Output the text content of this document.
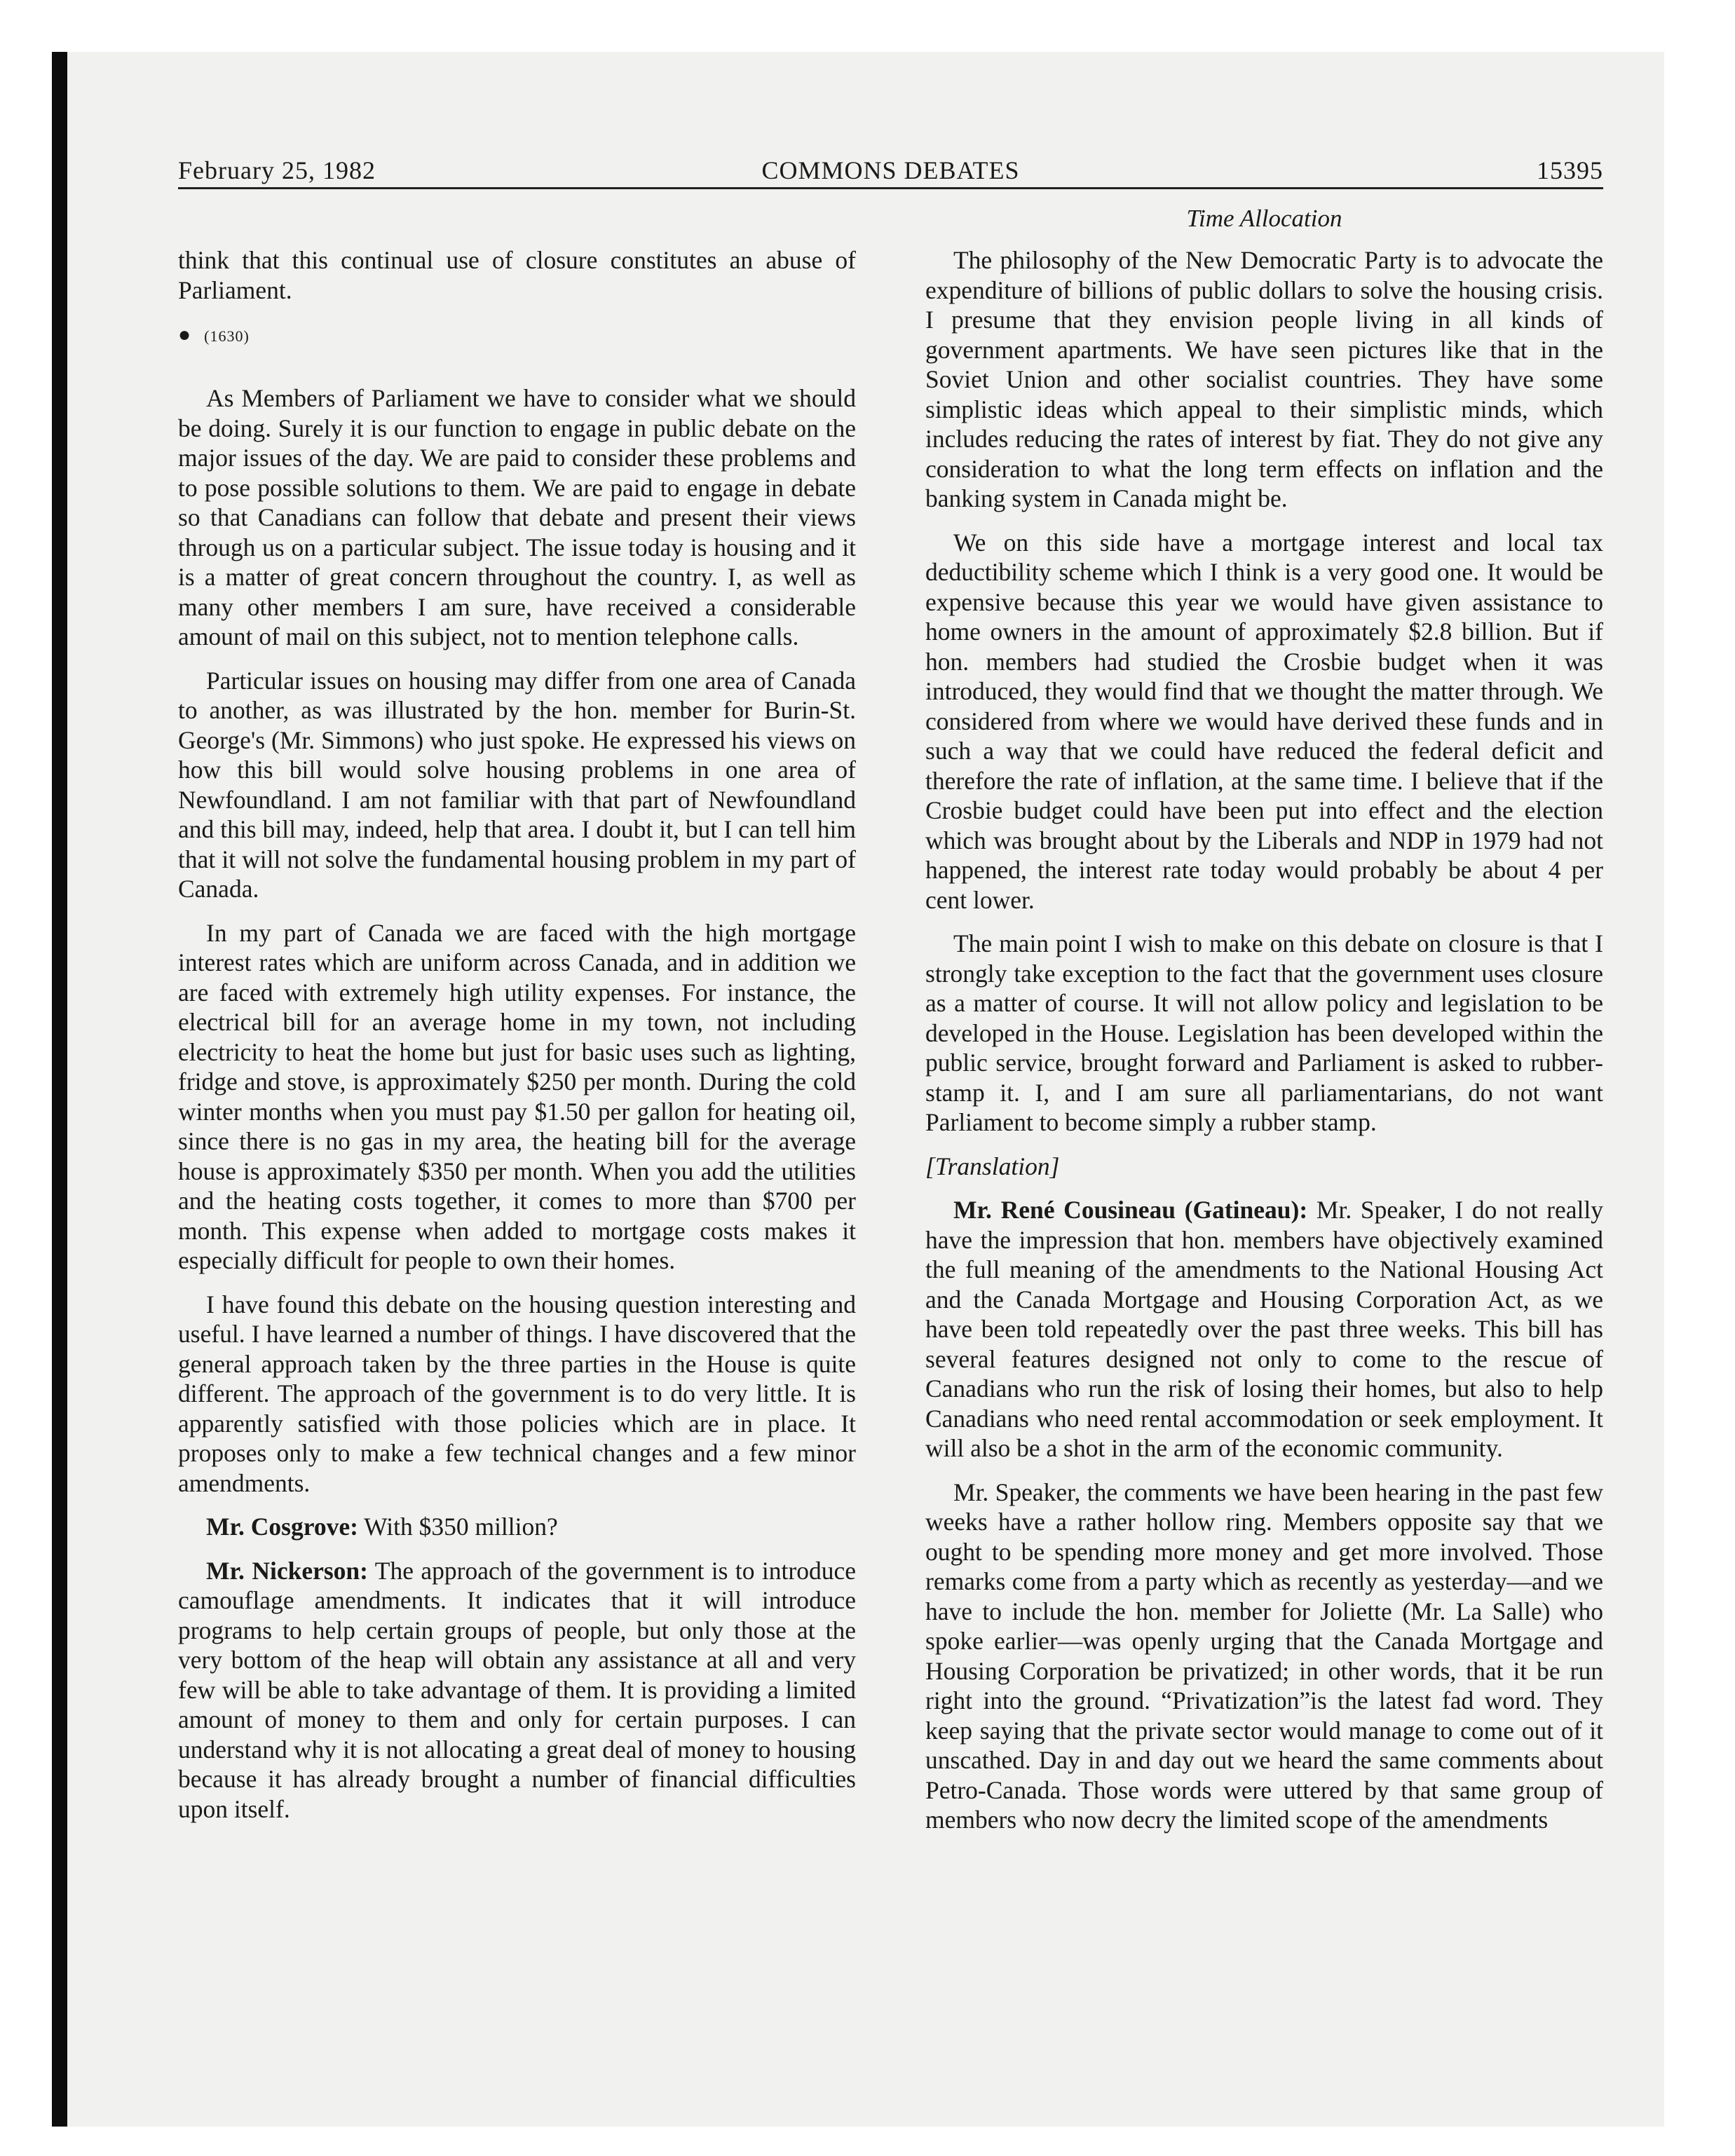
February 25, 1982	COMMONS DEBATES	15395
Time Allocation

think that this continual use of closure constitutes an abuse of Parliament.

● (1630)

As Members of Parliament we have to consider what we should be doing. Surely it is our function to engage in public debate on the major issues of the day. We are paid to consider these problems and to pose possible solutions to them. We are paid to engage in debate so that Canadians can follow that debate and present their views through us on a particular subject. The issue today is housing and it is a matter of great concern throughout the country. I, as well as many other members I am sure, have received a considerable amount of mail on this subject, not to mention telephone calls.

Particular issues on housing may differ from one area of Canada to another, as was illustrated by the hon. member for Burin-St. George's (Mr. Simmons) who just spoke. He expressed his views on how this bill would solve housing problems in one area of Newfoundland. I am not familiar with that part of Newfoundland and this bill may, indeed, help that area. I doubt it, but I can tell him that it will not solve the fundamental housing problem in my part of Canada.

In my part of Canada we are faced with the high mortgage interest rates which are uniform across Canada, and in addition we are faced with extremely high utility expenses. For instance, the electrical bill for an average home in my town, not including electricity to heat the home but just for basic uses such as lighting, fridge and stove, is approximately $250 per month. During the cold winter months when you must pay $1.50 per gallon for heating oil, since there is no gas in my area, the heating bill for the average house is approximately $350 per month. When you add the utilities and the heating costs together, it comes to more than $700 per month. This expense when added to mortgage costs makes it especially difficult for people to own their homes.

I have found this debate on the housing question interesting and useful. I have learned a number of things. I have discovered that the general approach taken by the three parties in the House is quite different. The approach of the government is to do very little. It is apparently satisfied with those policies which are in place. It proposes only to make a few technical changes and a few minor amendments.

Mr. Cosgrove: With $350 million?

Mr. Nickerson: The approach of the government is to introduce camouflage amendments. It indicates that it will introduce programs to help certain groups of people, but only those at the very bottom of the heap will obtain any assistance at all and very few will be able to take advantage of them. It is providing a limited amount of money to them and only for certain purposes. I can understand why it is not allocating a great deal of money to housing because it has already brought a number of financial difficulties upon itself.

The philosophy of the New Democratic Party is to advocate the expenditure of billions of public dollars to solve the housing crisis. I presume that they envision people living in all kinds of government apartments. We have seen pictures like that in the Soviet Union and other socialist countries. They have some simplistic ideas which appeal to their simplistic minds, which includes reducing the rates of interest by fiat. They do not give any consideration to what the long term effects on inflation and the banking system in Canada might be.

We on this side have a mortgage interest and local tax deductibility scheme which I think is a very good one. It would be expensive because this year we would have given assistance to home owners in the amount of approximately $2.8 billion. But if hon. members had studied the Crosbie budget when it was introduced, they would find that we thought the matter through. We considered from where we would have derived these funds and in such a way that we could have reduced the federal deficit and therefore the rate of inflation, at the same time. I believe that if the Crosbie budget could have been put into effect and the election which was brought about by the Liberals and NDP in 1979 had not happened, the interest rate today would probably be about 4 per cent lower.

The main point I wish to make on this debate on closure is that I strongly take exception to the fact that the government uses closure as a matter of course. It will not allow policy and legislation to be developed in the House. Legislation has been developed within the public service, brought forward and Parliament is asked to rubber-stamp it. I, and I am sure all parliamentarians, do not want Parliament to become simply a rubber stamp.

[Translation]

Mr. René Cousineau (Gatineau): Mr. Speaker, I do not really have the impression that hon. members have objectively examined the full meaning of the amendments to the National Housing Act and the Canada Mortgage and Housing Corporation Act, as we have been told repeatedly over the past three weeks. This bill has several features designed not only to come to the rescue of Canadians who run the risk of losing their homes, but also to help Canadians who need rental accommodation or seek employment. It will also be a shot in the arm of the economic community.

Mr. Speaker, the comments we have been hearing in the past few weeks have a rather hollow ring. Members opposite say that we ought to be spending more money and get more involved. Those remarks come from a party which as recently as yesterday—and we have to include the hon. member for Joliette (Mr. La Salle) who spoke earlier—was openly urging that the Canada Mortgage and Housing Corporation be privatized; in other words, that it be run right into the ground. “Privatization”is the latest fad word. They keep saying that the private sector would manage to come out of it unscathed. Day in and day out we heard the same comments about Petro-Canada. Those words were uttered by that same group of members who now decry the limited scope of the amendments
